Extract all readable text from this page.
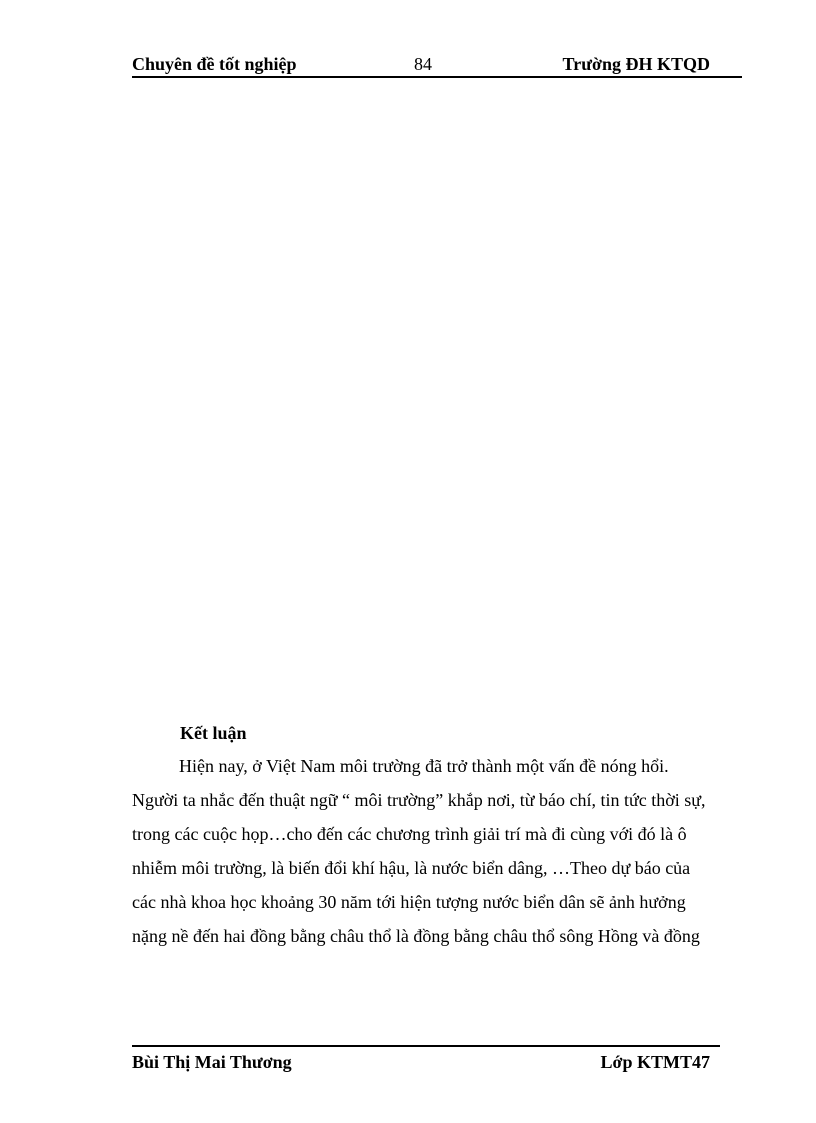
Chuyên đề tốt nghiệp	84	Trường ĐH KTQD
Kết luận
Hiện nay, ở Việt Nam môi trường đã trở thành một vấn đề nóng hổi.
Người ta nhắc đến thuật ngữ “ môi trường” khắp nơi, từ báo chí, tin tức thời sự,
trong các cuộc họp…cho đến các chương trình giải trí mà đi cùng với đó là ô
nhiễm môi trường, là biến đổi khí hậu, là nước biển dâng, …Theo dự báo của
các nhà khoa học khoảng 30 năm tới hiện tượng nước biển dân sẽ ảnh hưởng
nặng nề đến hai đồng bằng châu thổ là đồng bằng châu thổ sông Hồng và đồng
Bùi Thị Mai Thương	Lớp KTMT47
